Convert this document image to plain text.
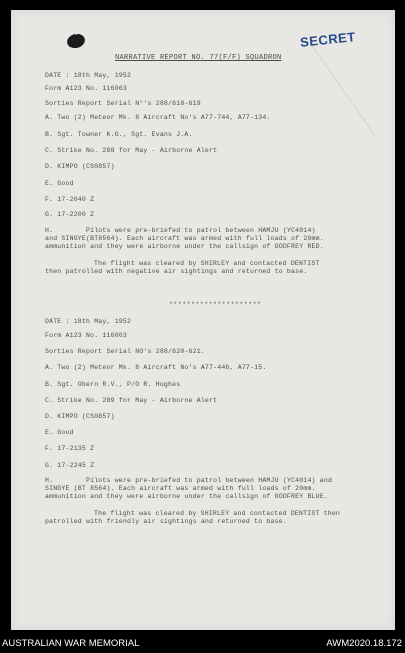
SECRET
NARRATIVE REPORT NO. 77(F/F) SQUADRON
DATE : 18th May, 1952
Form A123 No. 116063
Sorties Report Serial N°'s 288/618-619
A. Two (2) Meteor Mk. 8 Aircraft No's A77-744, A77-134.
B. Sgt. Towner K.G., Sgt. Evans J.A.
C. Strike No. 288 for May - Airborne Alert
D. KIMPO (CS0857)
E. Good
F. 17-2040 Z
G. 17-2200 Z
H.        Pilots were pre-briefed to patrol between HAMJU (YC4014)
and SINGYE(BT8564). Each aircraft was armed with full loads of 20mm.
ammunition and they were airborne under the callsign of GODFREY RED.
The flight was cleared by SHIRLEY and contacted DENTIST
then patrolled with negative air sightings and returned to base.
*********************
DATE : 18th May, 1952
Form A123 No. 116063
Sorties Report Serial NO's 288/620-621.
A. Two (2) Meteor Mk. 8 Aircraft No's A77-446, A77-15.
B. Sgt. Obern R.V., P/O R. Hughes
C. Strike No. 289 for May - Airborne Alert
D. KIMPO (CS0857)
E. Good
F. 17-2135 Z
G. 17-2245 Z
H.        Pilots were pre-briefed to patrol between HAMJU (YC4014) and
SINGYE (BT 8564). Each aircraft was armed with full loads of 20mm.
ammunition and they were airborne under the callsign of GODFREY BLUE.
The flight was cleared by SHIRLEY and contacted DENTIST then
patrolled with friendly air sightings and returned to base.
AUSTRALIAN WAR MEMORIAL	AWM2020.18.172
